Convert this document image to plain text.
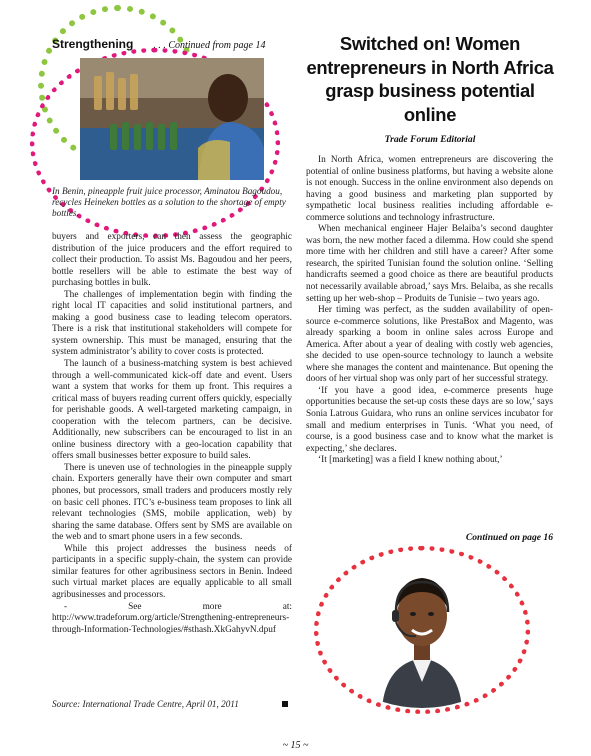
Strengthening . . . Continued from page 14
In Benin, pineapple fruit juice processor, Aminatou Bagoudou, recycles Heineken bottles as a solution to the shortage of empty bottles.

buyers and exporters, can then assess the geographic distribution of the juice producers and the effort required to collect their production. To assist Ms. Bagoudou and her peers, bottle resellers will be able to estimate the best way of purchasing bottles in bulk.

The challenges of implementation begin with finding the right local IT capacities and solid institutional partners, and making a good business case to leading telecom operators. There is a risk that institutional stakeholders will compete for system ownership. This must be managed, ensuring that the system administrator’s ability to cover costs is protected.

The launch of a business-matching system is best achieved through a well-communicated kick-off date and event. Users want a system that works for them up front. This requires a critical mass of buyers reading current offers quickly, especially for perishable goods. A well-targeted marketing campaign, in cooperation with the telecom partners, can be decisive. Additionally, new subscribers can be encouraged to list in an online business directory with a geo-location capability that offers small businesses better exposure to build sales.

There is uneven use of technologies in the pineapple supply chain. Exporters generally have their own computer and smart phones, but processors, small traders and producers mostly rely on basic cell phones. ITC’s e-business team proposes to link all relevant technologies (SMS, mobile application, web) by sharing the same database. Offers sent by SMS are available on the web and to smart phone users in a few seconds.

While this project addresses the business needs of participants in a specific supply-chain, the system can provide similar features for other agribusiness sectors in Benin. Indeed such virtual market places are equally applicable to all small agribusinesses and processors.

- See more at: http://www.tradeforum.org/article/Strengthening-entrepreneurs-through-Information-Technologies/#sthash.XkGahyvN.dpuf

Source: International Trade Centre, April 01, 2011
Switched on! Women entrepreneurs in North Africa grasp business potential online
Trade Forum Editorial

In North Africa, women entrepreneurs are discovering the potential of online business platforms, but having a website alone is not enough. Success in the online environment also depends on having a good business and marketing plan supported by sympathetic local business realities including affordable e-commerce solutions and technology infrastructure.

When mechanical engineer Hajer Belaiba’s second daughter was born, the new mother faced a dilemma. How could she spend more time with her children and still have a career? After some research, the spirited Tunisian found the solution online. ‘Selling handicrafts seemed a good choice as there are beautiful products not necessarily available abroad,’ says Mrs. Belaiba, as she recalls setting up her web-shop – Produits de Tunisie – two years ago.

Her timing was perfect, as the sudden availability of open-source e-commerce solutions, like PrestaBox and Magento, was already sparking a boom in online sales across Europe and America. After about a year of dealing with costly web agencies, she decided to use open-source technology to launch a website where she manages the content and maintenance. But opening the doors of her virtual shop was only part of her successful strategy.

‘If you have a good idea, e-commerce presents huge opportunities because the set-up costs these days are so low,’ says Sonia Latrous Guidara, who runs an online services incubator for small and medium enterprises in Tunis. ‘What you need, of course, is a good business case and to know what the market is expecting,’ she declares.

‘It [marketing] was a field I knew nothing about,’

Continued on page 16
~ 15 ~
